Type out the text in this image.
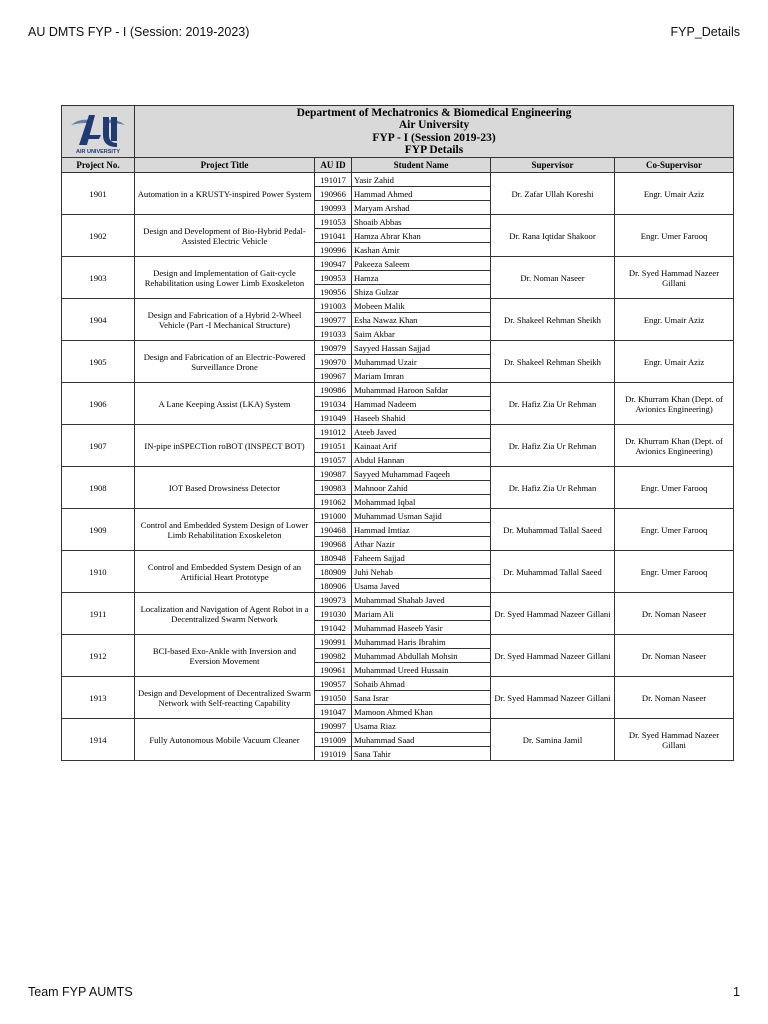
AU DMTS FYP - I (Session: 2019-2023)	FYP_Details
AIR UNIVERSITY	Department of Mechatronics & Biomedical Engineering
Air University
FYP - I (Session 2019-23)
FYP Details				

Project No.	Project Title	AU ID	Student Name	Supervisor	Co-Supervisor
1901	Automation in a KRUSTY-inspired Power System	191017	Yasir Zahid	Dr. Zafar Ullah Koreshi	Engr. Umair Aziz
		190966	Hammad Ahmed		
		190993	Maryam Arshad		
1902	Design and Development of Bio-Hybrid Pedal-Assisted Electric Vehicle	191053	Shoaib Abbas	Dr. Rana Iqtidar Shakoor	Engr. Umer Farooq
		191041	Hamza Abrar Khan		
		190996	Kashan Amir		
1903	Design and Implementation of Gait-cycle Rehabilitation using Lower Limb Exoskeleton	190947	Pakeeza Saleem	Dr. Noman Naseer	Dr. Syed Hammad Nazeer Gillani
		190953	Hamza		
		190956	Shiza Gulzar		
1904	Design and Fabrication of a Hybrid 2-Wheel Vehicle (Part -I Mechanical Structure)	191003	Mobeen Malik	Dr. Shakeel Rehman Sheikh	Engr. Umair Aziz
		190977	Esha Nawaz Khan		
		191033	Saim Akbar		
1905	Design and Fabrication of an Electric-Powered Surveillance Drone	190979	Sayyed Hassan Sajjad	Dr. Shakeel Rehman Sheikh	Engr. Umair Aziz
		190970	Muhammad Uzair		
		190967	Mariam Imran		
1906	A Lane Keeping Assist (LKA) System	190986	Muhammad Haroon Safdar	Dr. Hafiz Zia Ur Rehman	Dr. Khurram Khan (Dept. of Avionics Engineering)
		191034	Hammad Nadeem		
		191049	Haseeb Shahid		
1907	IN-pipe inSPECTion roBOT (INSPECT BOT)	191012	Ateeb Javed	Dr. Hafiz Zia Ur Rehman	Dr. Khurram Khan (Dept. of Avionics Engineering)
		191051	Kainaat Arif		
		191057	Abdul Hannan		
1908	IOT Based Drowsiness Detector	190987	Sayyed Muhammad Faqeeh	Dr. Hafiz Zia Ur Rehman	Engr. Umer Farooq
		190983	Mahnoor Zahid		
		191062	Mohammad Iqbal		
1909	Control and Embedded System Design of Lower Limb Rehabilitation Exoskeleton	191000	Muhammad Usman Sajid	Dr. Muhammad Tallal Saeed	Engr. Umer Farooq
		190468	Hammad Imtiaz		
		190968	Athar Nazir		
1910	Control and Embedded System Design of an Artificial Heart Prototype	180948	Faheem Sajjad	Dr. Muhammad Tallal Saeed	Engr. Umer Farooq
		180909	Juhi Nehab		
		180906	Usama Javed		
1911	Localization and Navigation of Agent Robot in a Decentralized Swarm Network	190973	Muhammad Shahab Javed	Dr. Syed Hammad Nazeer Gillani	Dr. Noman Naseer
		191030	Mariam Ali		
		191042	Muhammad Haseeb Yasir		
1912	BCI-based Exo-Ankle with Inversion and Eversion Movement	190991	Muhammad Haris Ibrahim	Dr. Syed Hammad Nazeer Gillani	Dr. Noman Naseer
		190982	Muhammad Abdullah Mohsin		
		190961	Muhammad Ureed Hussain		
1913	Design and Development of Decentralized Swarm Network with Self-reacting Capability	190957	Sohaib Ahmad	Dr. Syed Hammad Nazeer Gillani	Dr. Noman Naseer
		191050	Sana Israr		
		191047	Mamoon Ahmed Khan		
1914	Fully Autonomous Mobile Vacuum Cleaner	190997	Usama Riaz	Dr. Samina Jamil	Dr. Syed Hammad Nazeer Gillani
		191009	Muhammad Saad		
		191019	Sana Tahir		
Team FYP AUMTS	1
